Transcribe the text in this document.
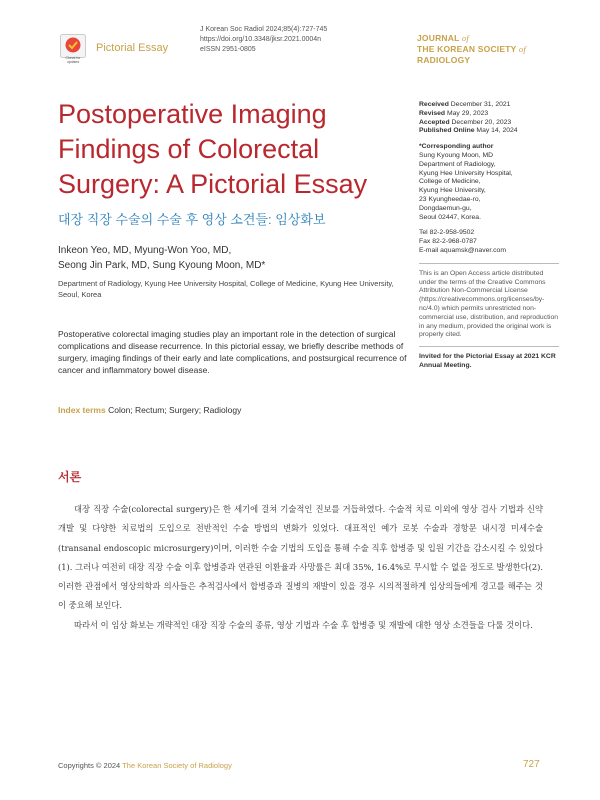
Check for updates
Pictorial Essay
J Korean Soc Radiol 2024;85(4):727-745
https://doi.org/10.3348/jksr.2021.0004n
eISSN 2951-0805
JOURNAL of
THE KOREAN SOCIETY of
RADIOLOGY
Postoperative Imaging Findings of Colorectal Surgery: A Pictorial Essay
대장 직장 수술의 수술 후 영상 소견들: 임상화보
Inkeon Yeo, MD, Myung-Won Yoo, MD,
Seong Jin Park, MD, Sung Kyoung Moon, MD*
Department of Radiology, Kyung Hee University Hospital, College of Medicine, Kyung Hee University, Seoul, Korea
Postoperative colorectal imaging studies play an important role in the detection of surgical complications and disease recurrence. In this pictorial essay, we briefly describe methods of surgery, imaging findings of their early and late complications, and postsurgical recurrence of cancer and inflammatory bowel disease.
Index terms Colon; Rectum; Surgery; Radiology
Received December 31, 2021
Revised May 29, 2023
Accepted December 20, 2023
Published Online May 14, 2024
*Corresponding author
Sung Kyoung Moon, MD
Department of Radiology,
Kyung Hee University Hospital,
College of Medicine,
Kyung Hee University,
23 Kyungheedae-ro,
Dongdaemun-gu,
Seoul 02447, Korea.
Tel 82-2-958-9502
Fax 82-2-968-0787
E-mail aquamsk@naver.com
This is an Open Access article distributed under the terms of the Creative Commons Attribution Non-Commercial License (https://creativecommons.org/licenses/by-nc/4.0) which permits unrestricted non-commercial use, distribution, and reproduction in any medium, provided the original work is properly cited.
Invited for the Pictorial Essay at 2021 KCR Annual Meeting.
서론

대장 직장 수술(colorectal surgery)은 한 세기에 걸쳐 기술적인 진보를 거듭하였다. 수술적 치료 이외에 영상 검사 기법과 신약 개발 및 다양한 치료법의 도입으로 전반적인 수술 방법의 변화가 있었다. 대표적인 예가 로봇 수술과 경항문 내시경 미세수술(transanal endoscopic microsurgery)이며, 이러한 수술 기법의 도입을 통해 수술 직후 합병증 및 입원 기간을 감소시킬 수 있었다(1). 그러나 여전히 대장 직장 수술 이후 합병증과 연관된 이환율과 사망률은 최대 35%, 16.4%로 무시할 수 없을 정도로 발생한다(2). 이러한 관점에서 영상의학과 의사들은 추적검사에서 합병증과 질병의 재발이 있을 경우 시의적절하게 임상의들에게 경고를 해주는 것이 중요해 보인다.

따라서 이 임상 화보는 개략적인 대장 직장 수술의 종류, 영상 기법과 수술 후 합병증 및 재발에 대한 영상 소견들을 다룰 것이다.

Copyrights © 2024 The Korean Society of Radiology	727
